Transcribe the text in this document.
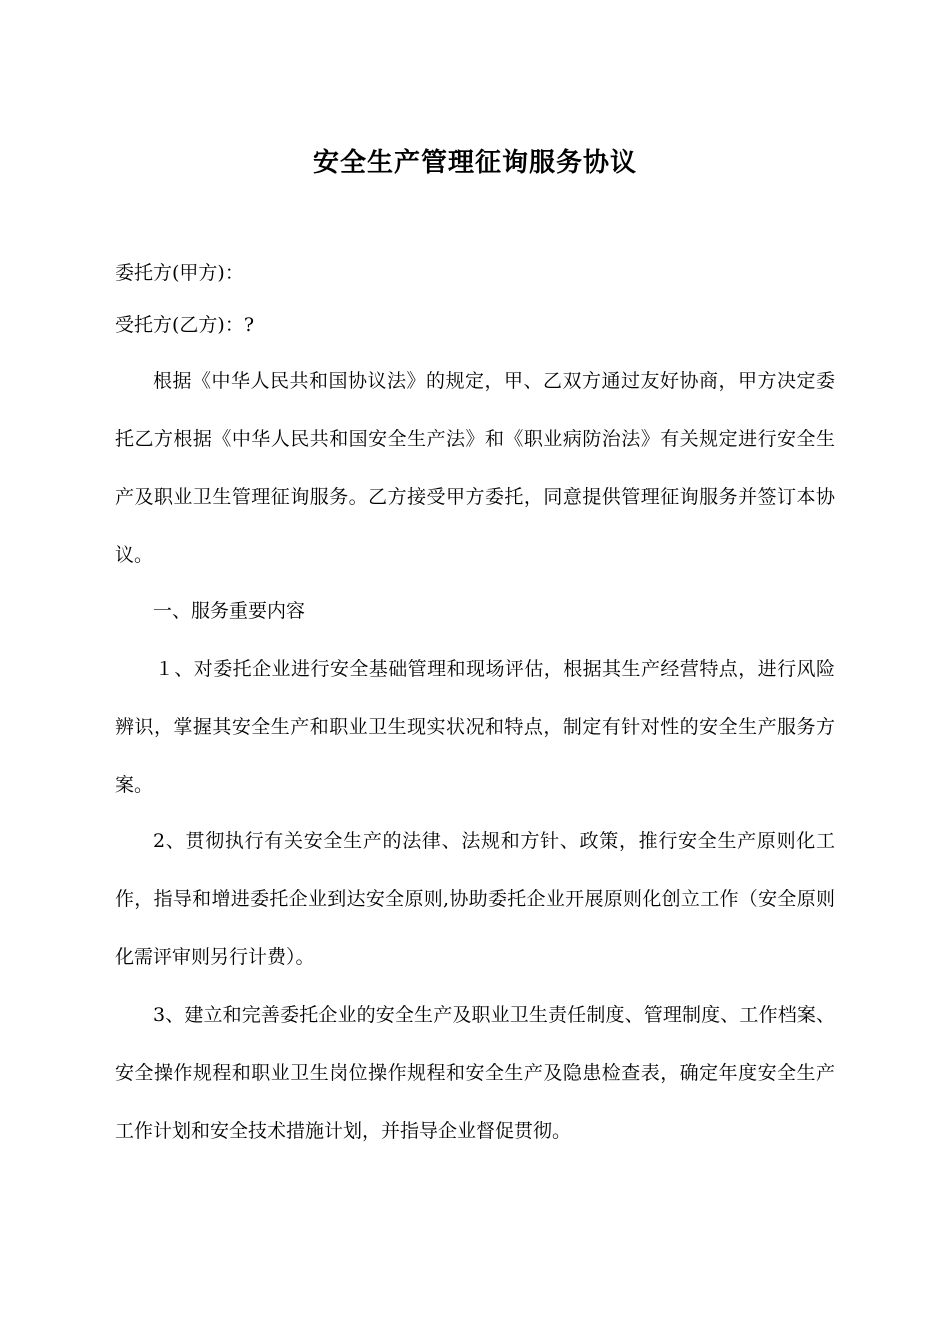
安全生产管理征询服务协议

委托方(甲方)：

受托方(乙方)：?

根据《中华人民共和国协议法》的规定，甲、乙双方通过友好协商，甲方决定委托乙方根据《中华人民共和国安全生产法》和《职业病防治法》有关规定进行安全生产及职业卫生管理征询服务。乙方接受甲方委托，同意提供管理征询服务并签订本协议。

一、服务重要内容

１、对委托企业进行安全基础管理和现场评估，根据其生产经营特点，进行风险辨识，掌握其安全生产和职业卫生现实状况和特点，制定有针对性的安全生产服务方案。

2、贯彻执行有关安全生产的法律、法规和方针、政策，推行安全生产原则化工作，指导和增进委托企业到达安全原则,协助委托企业开展原则化创立工作（安全原则化需评审则另行计费）。

3、建立和完善委托企业的安全生产及职业卫生责任制度、管理制度、工作档案、安全操作规程和职业卫生岗位操作规程和安全生产及隐患检查表，确定年度安全生产工作计划和安全技术措施计划，并指导企业督促贯彻。
